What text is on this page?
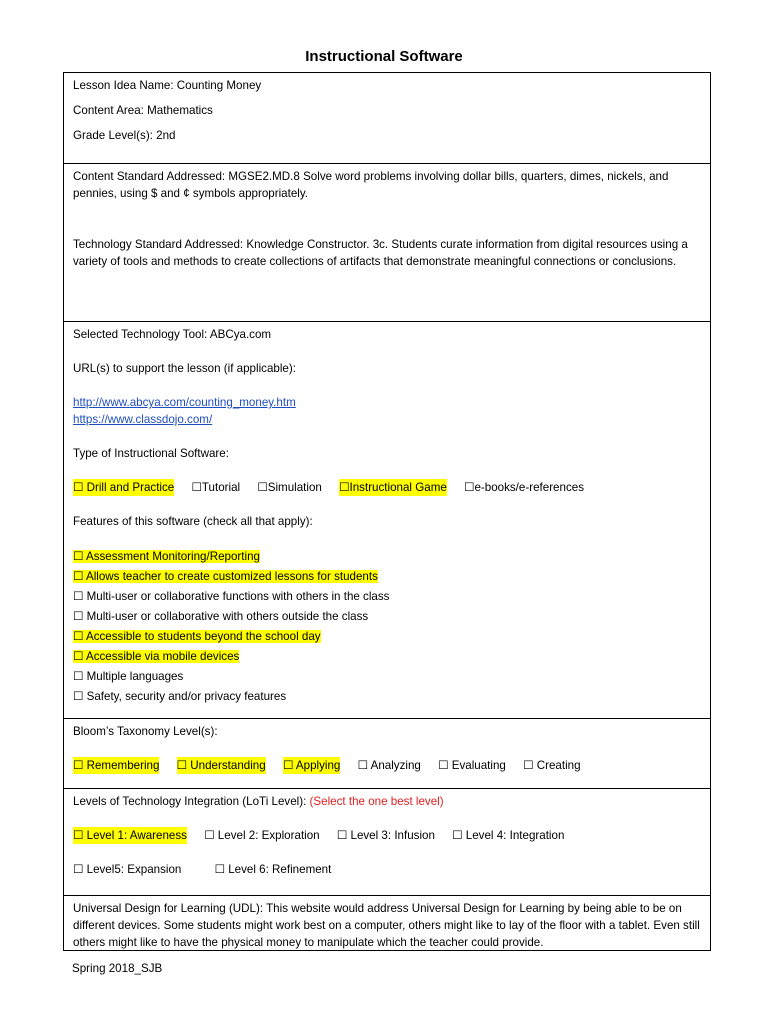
Instructional Software
Lesson Idea Name: Counting Money
Content Area: Mathematics
Grade Level(s): 2nd
Content Standard Addressed: MGSE2.MD.8 Solve word problems involving dollar bills, quarters, dimes, nickels, and pennies, using $ and ¢ symbols appropriately.
Technology Standard Addressed: Knowledge Constructor. 3c. Students curate information from digital resources using a variety of tools and methods to create collections of artifacts that demonstrate meaningful connections or conclusions.
Selected Technology Tool: ABCya.com
URL(s) to support the lesson (if applicable):
http://www.abcya.com/counting_money.htm
https://www.classdojo.com/
Type of Instructional Software:
☐ Drill and Practice ☐Tutorial ☐Simulation ☐Instructional Game ☐e-books/e-references
Features of this software (check all that apply):
☐ Assessment Monitoring/Reporting
☐ Allows teacher to create customized lessons for students
☐ Multi-user or collaborative functions with others in the class
☐ Multi-user or collaborative with others outside the class
☐ Accessible to students beyond the school day
☐ Accessible via mobile devices
☐ Multiple languages
☐ Safety, security and/or privacy features
Bloom’s Taxonomy Level(s):
☐ Remembering ☐ Understanding ☐ Applying ☐ Analyzing ☐ Evaluating ☐ Creating
Levels of Technology Integration (LoTi Level): (Select the one best level)
☐ Level 1: Awareness ☐ Level 2: Exploration ☐ Level 3: Infusion ☐ Level 4: Integration
☐ Level5: Expansion	☐ Level 6: Refinement
Universal Design for Learning (UDL): This website would address Universal Design for Learning by being able to be on different devices. Some students might work best on a computer, others might like to lay of the floor with a tablet. Even still others might like to have the physical money to manipulate which the teacher could provide.
Spring 2018_SJB
